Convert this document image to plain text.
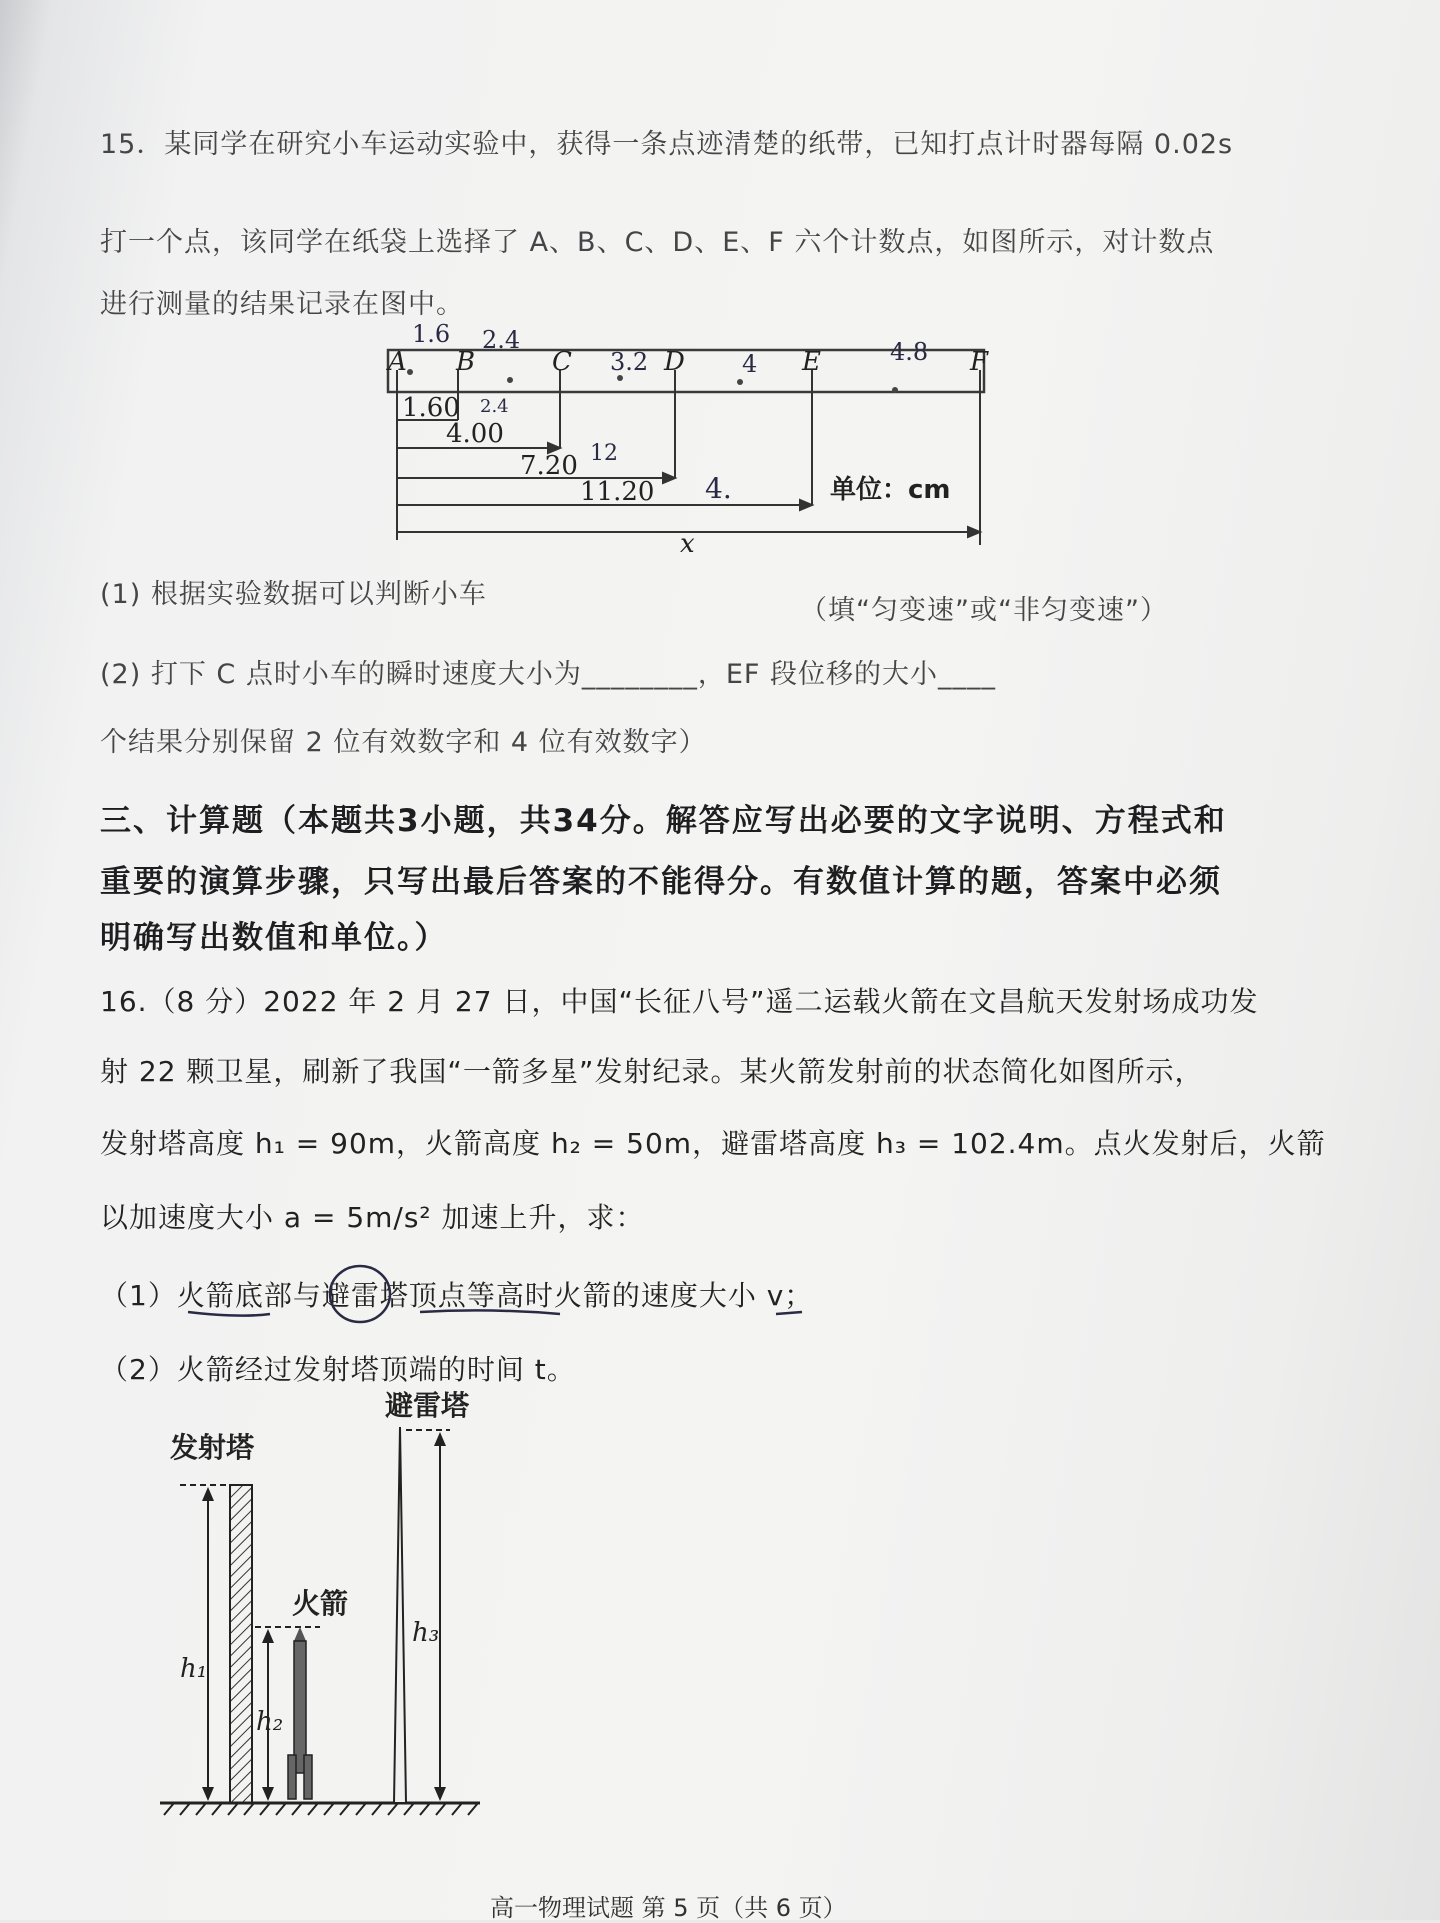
15．某同学在研究小车运动实验中，获得一条点迹清楚的纸带，已知打点计时器每隔 0.02s
打一个点，该同学在纸袋上选择了 A、B、C、D、E、F 六个计数点，如图所示，对计数点
进行测量的结果记录在图中。
A B	C	D	E	F
1.60
4.00
7.20
11.20
x
单位：cm
1.6 2.4
3.2	4	4.8
2.4
12
4.
(1) 根据实验数据可以判断小车
（填“匀变速”或“非匀变速”）
(2) 打下 C 点时小车的瞬时速度大小为________，EF 段位移的大小____
个结果分别保留 2 位有效数字和 4 位有效数字）
三、计算题（本题共3小题，共34分。解答应写出必要的文字说明、方程式和
重要的演算步骤，只写出最后答案的不能得分。有数值计算的题，答案中必须
明确写出数值和单位。）
16.（8 分）2022 年 2 月 27 日，中国“长征八号”遥二运载火箭在文昌航天发射场成功发
射 22 颗卫星，刷新了我国“一箭多星”发射纪录。某火箭发射前的状态简化如图所示，
发射塔高度 h₁ = 90m，火箭高度 h₂ = 50m，避雷塔高度 h₃ = 102.4m。点火发射后，火箭
以加速度大小 a = 5m/s² 加速上升，求：
（1）火箭底部与避雷塔顶点等高时火箭的速度大小 v；
（2）火箭经过发射塔顶端的时间 t。
避雷塔
发射塔
火箭
h₁
h₂
h₃
高一物理试题 第 5 页（共 6 页）
